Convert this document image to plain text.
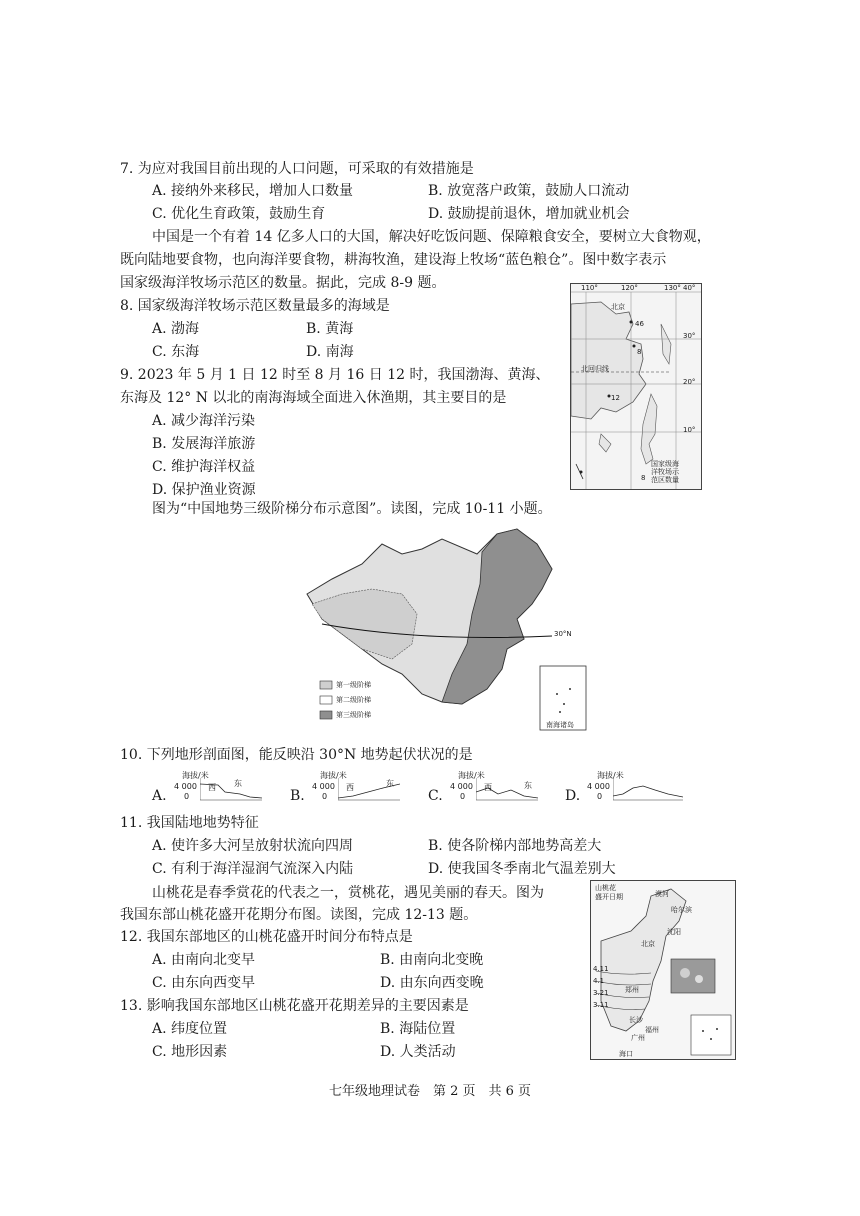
7. 为应对我国目前出现的人口问题，可采取的有效措施是
A. 接纳外来移民，增加人口数量	B. 放宽落户政策，鼓励人口流动
C. 优化生育政策，鼓励生育	D. 鼓励提前退休，增加就业机会
中国是一个有着 14 亿多人口的大国，解决好吃饭问题、保障粮食安全，要树立大食物观，
既向陆地要食物，也向海洋要食物，耕海牧渔，建设海上牧场“蓝色粮仓”。图中数字表示
国家级海洋牧场示范区的数量。据此，完成 8-9 题。
8. 国家级海洋牧场示范区数量最多的海域是
A. 渤海	B. 黄海
C. 东海	D. 南海
9. 2023 年 5 月 1 日 12 时至 8 月 16 日 12 时，我国渤海、黄海、
东海及 12° N 以北的南海海域全面进入休渔期，其主要目的是
A. 减少海洋污染
B. 发展海洋旅游
C. 维护海洋权益
D. 保护渔业资源
110°	120°	130° 40°
30°
20°
10°
北京
46
8
北回归线
12
国家级海
洋牧场示
范区数量
8
图为“中国地势三级阶梯分布示意图”。读图，完成 10-11 小题。
30°N
第一级阶梯
第二级阶梯
第三级阶梯
南海诸岛
10. 下列地形剖面图，能反映沿 30°N 地势起伏状况的是
A.
海拔/米
4 000
0
西 东
B.
海拔/米
4 000
0
西	东
C.
海拔/米
4 000
0
西	东
D.
海拔/米
4 000
0
11. 我国陆地地势特征
A. 使许多大河呈放射状流向四周	B. 使各阶梯内部地势高差大
C. 有利于海洋湿润气流深入内陆	D. 使我国冬季南北气温差别大
山桃花是春季赏花的代表之一，赏桃花，遇见美丽的春天。图为
我国东部山桃花盛开花期分布图。读图，完成 12-13 题。
12. 我国东部地区的山桃花盛开时间分布特点是
A. 由南向北变早	B. 由南向北变晚
C. 由东向西变早	D. 由东向西变晚
13. 影响我国东部地区山桃花盛开花期差异的主要因素是
A. 纬度位置	B. 海陆位置
C. 地形因素	D. 人类活动
山桃花
盛开日期	漠河
哈尔滨
沈阳
北京
郑州
长沙
福州
广州
海口
4.11
4.1
3.21
3.11
七年级地理试卷　第 2 页　共 6 页
